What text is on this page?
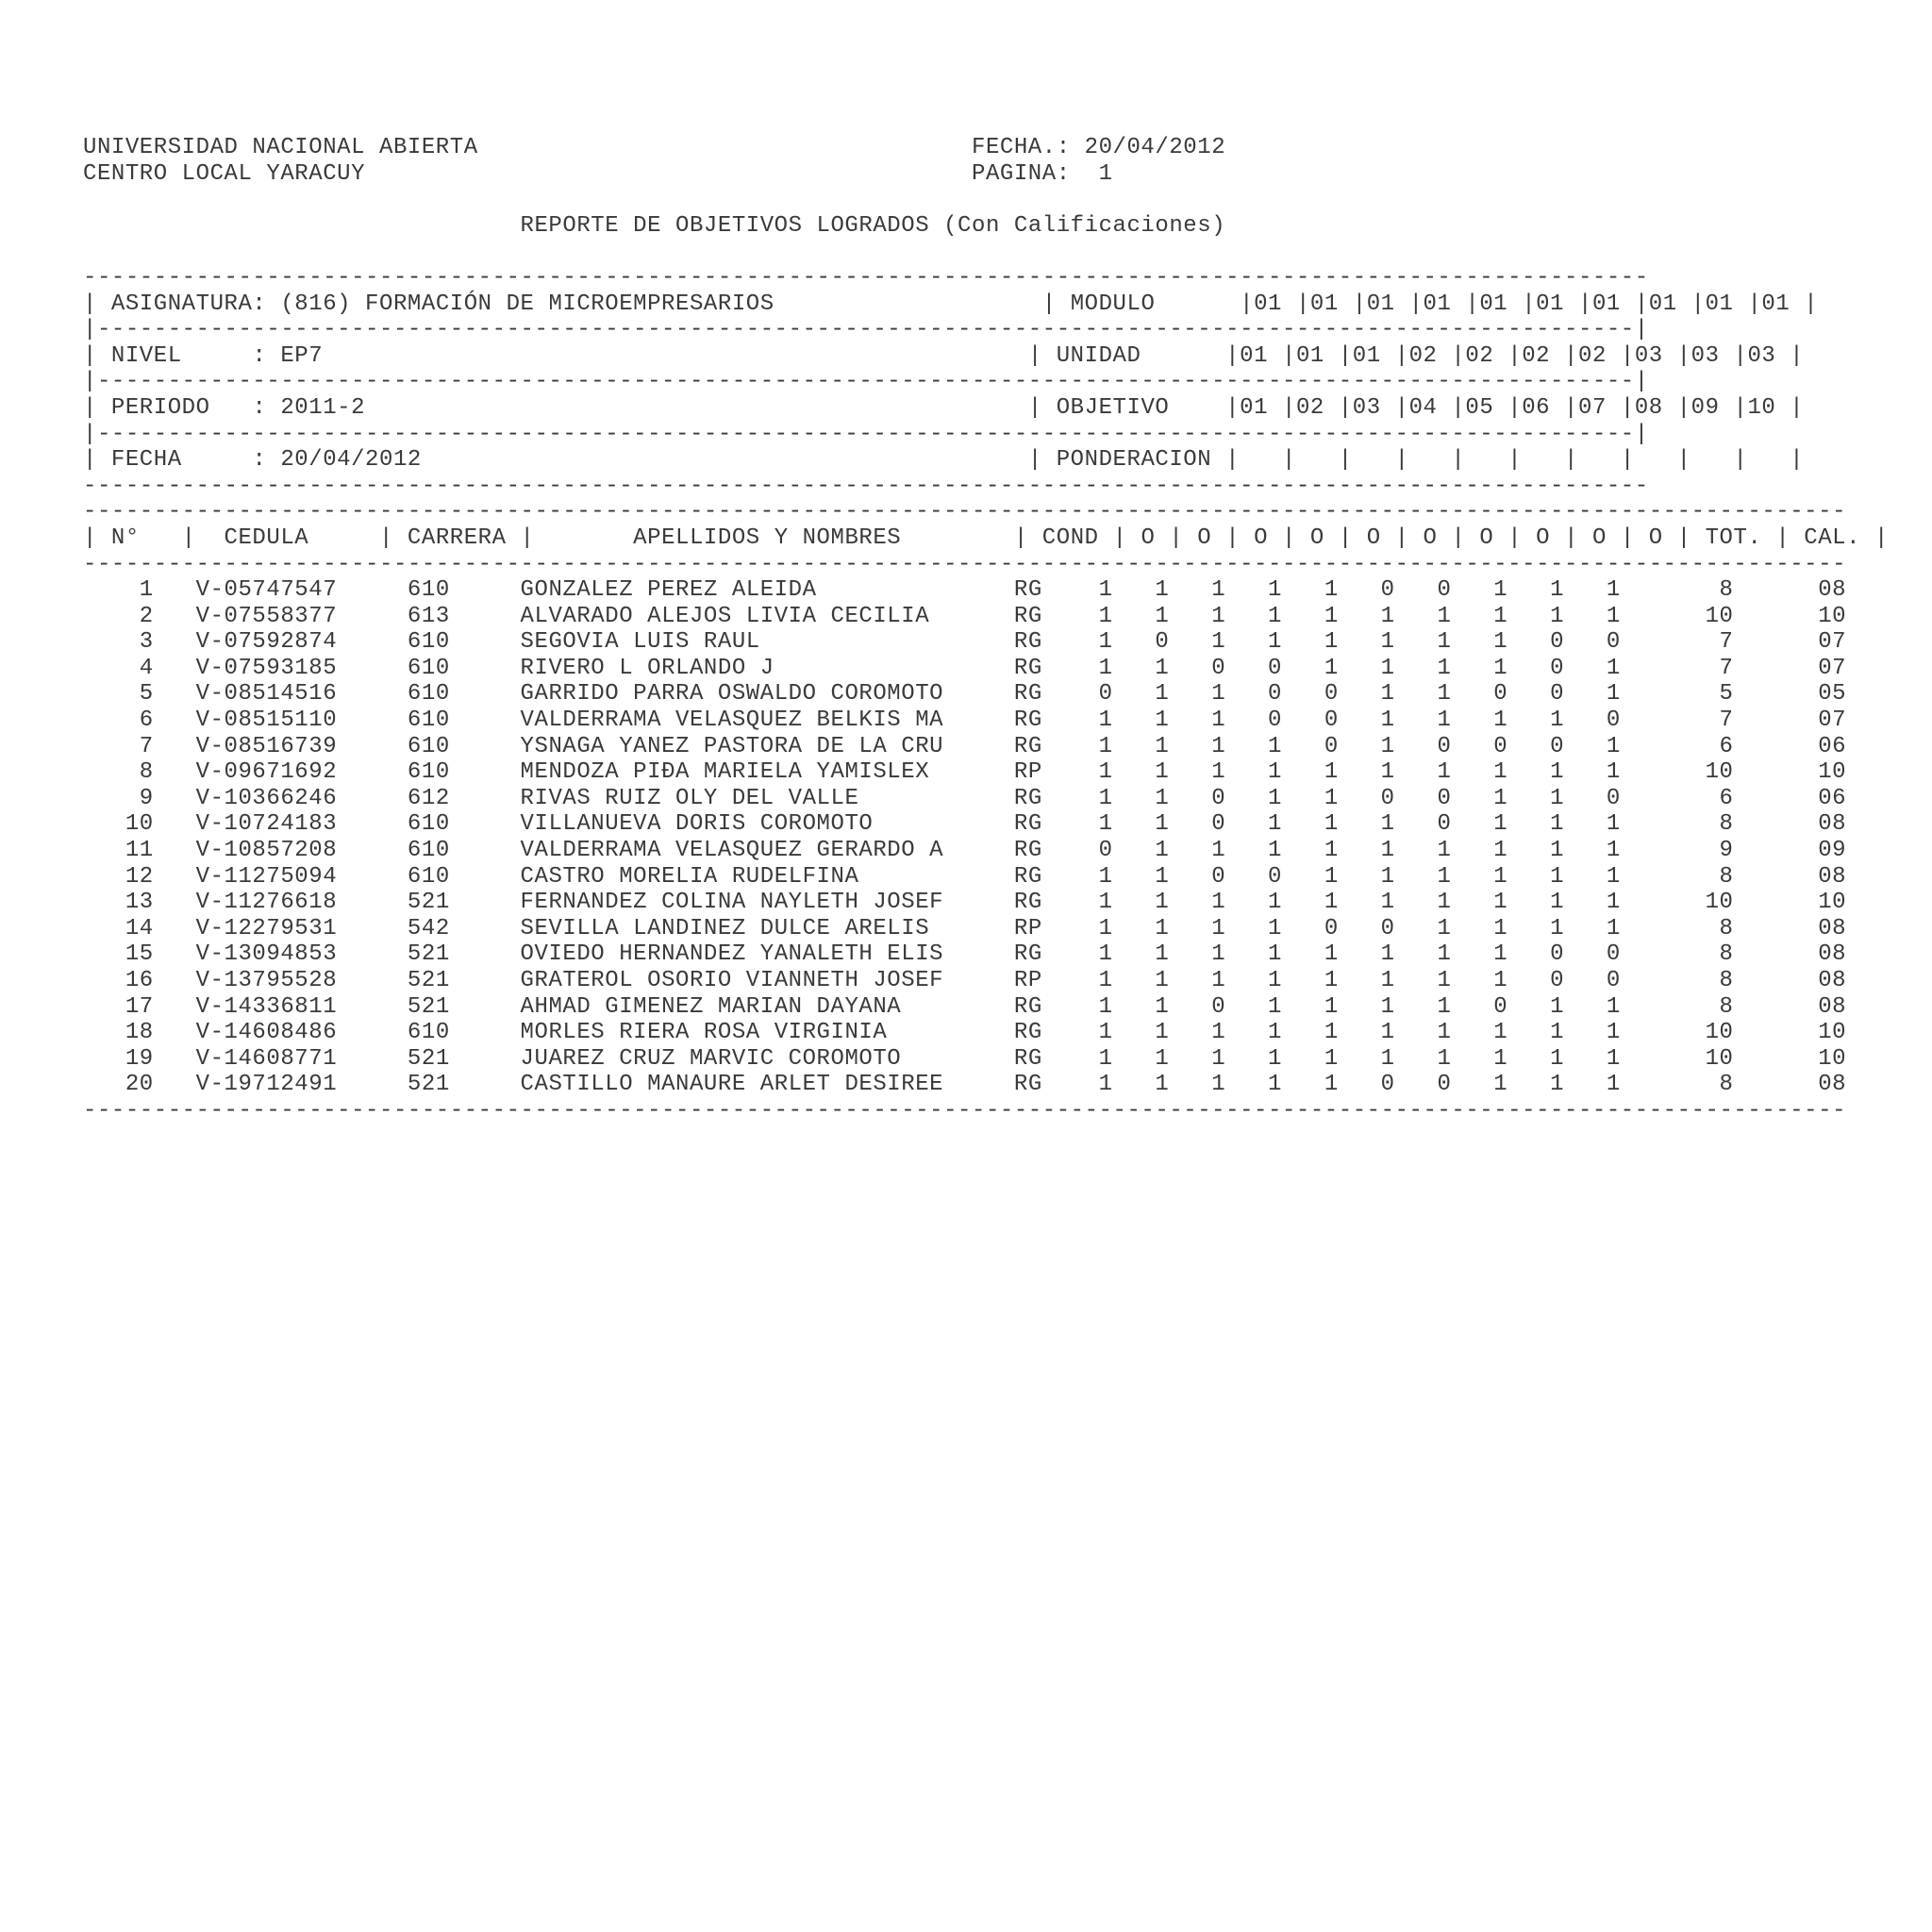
UNIVERSIDAD NACIONAL ABIERTA                                   FECHA.: 20/04/2012
CENTRO LOCAL YARACUY                                           PAGINA: 1
REPORTE DE OBJETIVOS LOGRADOS (Con Calificaciones)
---------------------------------------------------------------------------------------------------------------
| ASIGNATURA: (816) FORMACIÓN DE MICROEMPRESARIOS                   | MODULO      |01 |01 |01 |01 |01 |01 |01 |01 |01 |01 |
|-------------------------------------------------------------------------------------------------------------|
| NIVEL     : EP7                                                  | UNIDAD      |01 |01 |01 |02 |02 |02 |02 |03 |03 |03 |
|-------------------------------------------------------------------------------------------------------------|
| PERIODO   : 2011-2                                               | OBJETIVO    |01 |02 |03 |04 |05 |06 |07 |08 |09 |10 |
|-------------------------------------------------------------------------------------------------------------|
| FECHA     : 20/04/2012                                           | PONDERACION |   |   |   |   |   |   |   |   |   |   |
---------------------------------------------------------------------------------------------------------------
-----------------------------------------------------------------------------------------------------------------------------
| N°   |  CEDULA     | CARRERA |       APELLIDOS Y NOMBRES        | COND | O | O | O | O | O | O | O | O | O | O | TOT. | CAL. |
-----------------------------------------------------------------------------------------------------------------------------
1 V-05747547	610	GONZALEZ PEREZ ALEIDA	RG 1 1 1 1 1 0 0 1 1 1       8      08
2 V-07558377	613	ALVARADO ALEJOS LIVIA CECILIA	RG 1 1 1 1 1 1 1 1 1 1      10      10
3 V-07592874	610	SEGOVIA LUIS RAUL	RG 1 0 1 1 1 1 1 1 0 0       7      07
4 V-07593185	610	RIVERO L ORLANDO J	RG 1 1 0 0 1 1 1 1 0 1       7      07
5 V-08514516	610	GARRIDO PARRA OSWALDO COROMOTO	RG 0 1 1 0 0 1 1 0 0 1       5      05
6 V-08515110	610	VALDERRAMA VELASQUEZ BELKIS MA	RG 1 1 1 0 0 1 1 1 1 0       7      07
7 V-08516739	610	YSNAGA YANEZ PASTORA DE LA CRU	RG 1 1 1 1 0 1 0 0 0 1       6      06
8 V-09671692	610	MENDOZA PIÐA MARIELA YAMISLEX	RP 1 1 1 1 1 1 1 1 1 1      10      10
9 V-10366246	612	RIVAS RUIZ OLY DEL VALLE	RG 1 1 0 1 1 0 0 1 1 0       6      06
10 V-10724183	610	VILLANUEVA DORIS COROMOTO	RG 1 1 0 1 1 1 0 1 1 1       8      08
11 V-10857208	610	VALDERRAMA VELASQUEZ GERARDO A	RG 0 1 1 1 1 1 1 1 1 1       9      09
12 V-11275094	610	CASTRO MORELIA RUDELFINA	RG 1 1 0 0 1 1 1 1 1 1       8      08
13 V-11276618	521	FERNANDEZ COLINA NAYLETH JOSEF	RG 1 1 1 1 1 1 1 1 1 1      10      10
14 V-12279531	542	SEVILLA LANDINEZ DULCE ARELIS	RP 1 1 1 1 0 0 1 1 1 1       8      08
15 V-13094853	521	OVIEDO HERNANDEZ YANALETH ELIS	RG 1 1 1 1 1 1 1 1 0 0       8      08
16 V-13795528	521	GRATEROL OSORIO VIANNETH JOSEF	RP 1 1 1 1 1 1 1 1 0 0       8      08
17 V-14336811	521	AHMAD GIMENEZ MARIAN DAYANA	RG 1 1 0 1 1 1 1 0 1 1       8      08
18 V-14608486	610	MORLES RIERA ROSA VIRGINIA	RG 1 1 1 1 1 1 1 1 1 1      10      10
19 V-14608771	521	JUAREZ CRUZ MARVIC COROMOTO	RG 1 1 1 1 1 1 1 1 1 1      10      10
20 V-19712491	521	CASTILLO MANAURE ARLET DESIREE	RG 1 1 1 1 1 0 0 1 1 1       8      08
-----------------------------------------------------------------------------------------------------------------------------
